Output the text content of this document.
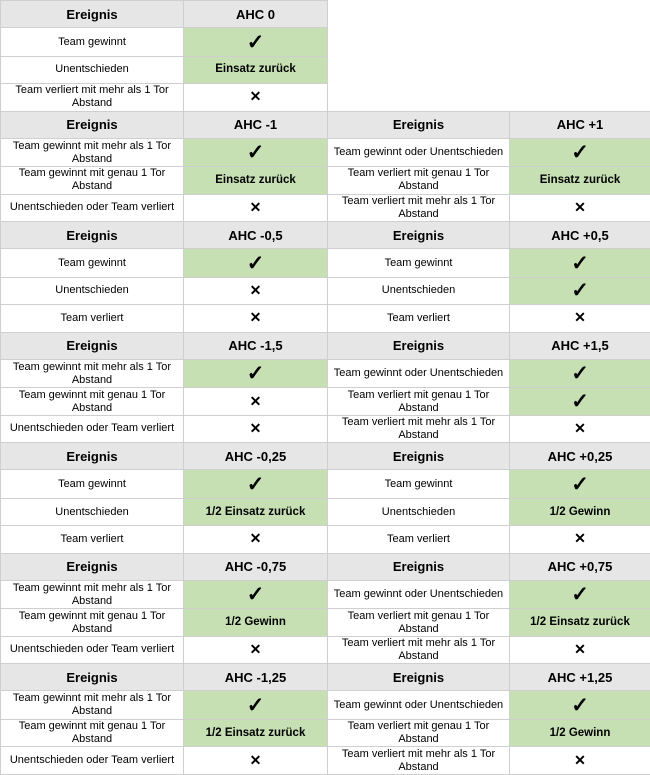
Ereignis	AHC 0		
Team gewinnt	✓		
Unentschieden	Einsatz zurück		
Team verliert mit mehr als 1 Tor Abstand	✕		
Ereignis	AHC -1	Ereignis	AHC +1
Team gewinnt mit mehr als 1 Tor Abstand	✓	Team gewinnt oder Unentschieden	✓
Team gewinnt mit genau 1 Tor Abstand	Einsatz zurück	Team verliert mit genau 1 Tor Abstand	Einsatz zurück
Unentschieden oder Team verliert	✕	Team verliert mit mehr als 1 Tor Abstand	✕
Ereignis	AHC -0,5	Ereignis	AHC +0,5
Team gewinnt	✓	Team gewinnt	✓
Unentschieden	✕	Unentschieden	✓
Team verliert	✕	Team verliert	✕
Ereignis	AHC -1,5	Ereignis	AHC +1,5
Team gewinnt mit mehr als 1 Tor Abstand	✓	Team gewinnt oder Unentschieden	✓
Team gewinnt mit genau 1 Tor Abstand	✕	Team verliert mit genau 1 Tor Abstand	✓
Unentschieden oder Team verliert	✕	Team verliert mit mehr als 1 Tor Abstand	✕
Ereignis	AHC -0,25	Ereignis	AHC +0,25
Team gewinnt	✓	Team gewinnt	✓
Unentschieden	1/2 Einsatz zurück	Unentschieden	1/2 Gewinn
Team verliert	✕	Team verliert	✕
Ereignis	AHC -0,75	Ereignis	AHC +0,75
Team gewinnt mit mehr als 1 Tor Abstand	✓	Team gewinnt oder Unentschieden	✓
Team gewinnt mit genau 1 Tor Abstand	1/2 Gewinn	Team verliert mit genau 1 Tor Abstand	1/2 Einsatz zurück
Unentschieden oder Team verliert	✕	Team verliert mit mehr als 1 Tor Abstand	✕
Ereignis	AHC -1,25	Ereignis	AHC +1,25
Team gewinnt mit mehr als 1 Tor Abstand	✓	Team gewinnt oder Unentschieden	✓
Team gewinnt mit genau 1 Tor Abstand	1/2 Einsatz zurück	Team verliert mit genau 1 Tor Abstand	1/2 Gewinn
Unentschieden oder Team verliert	✕	Team verliert mit mehr als 1 Tor Abstand	✕
